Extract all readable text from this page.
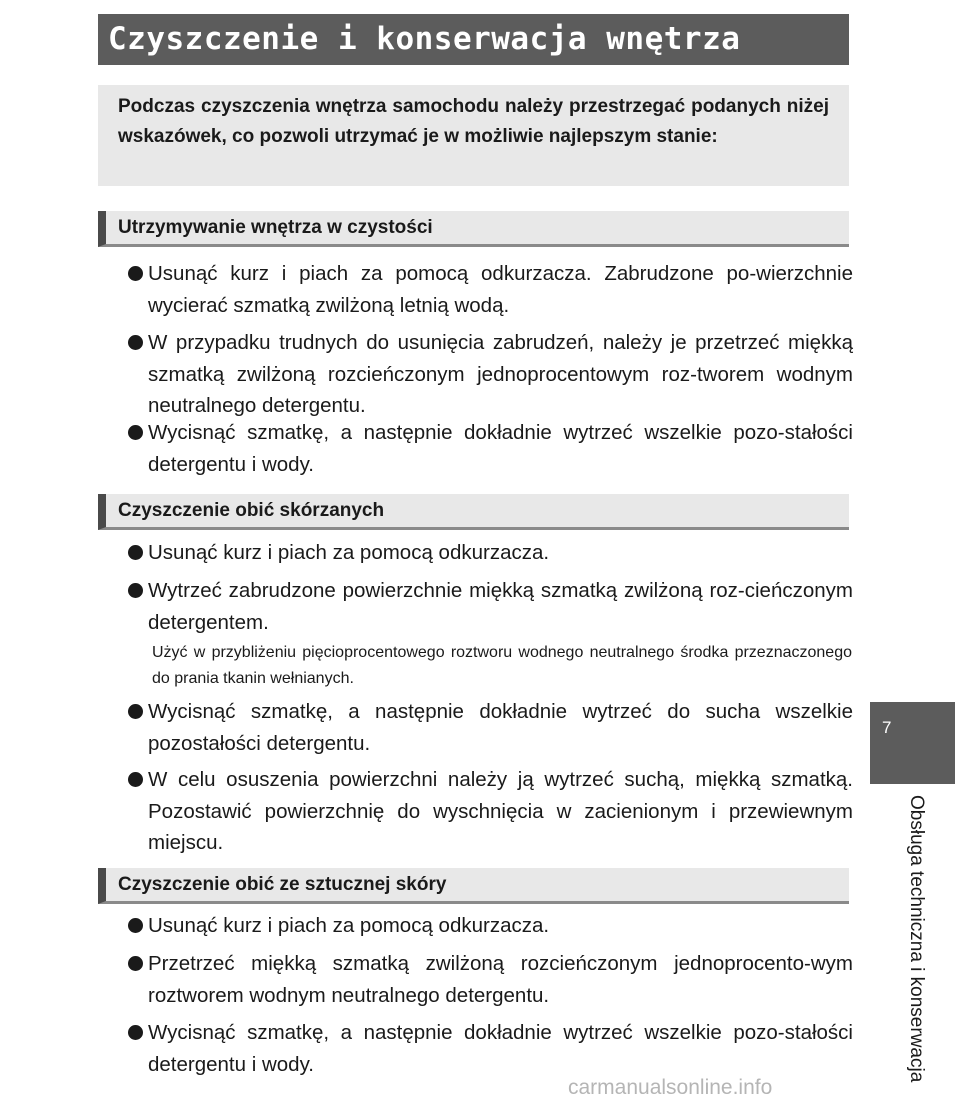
Czyszczenie i konserwacja wnętrza
Podczas czyszczenia wnętrza samochodu należy przestrzegać podanych niżej wskazówek, co pozwoli utrzymać je w możliwie najlepszym stanie:
Utrzymywanie wnętrza w czystości
Usunąć kurz i piach za pomocą odkurzacza. Zabrudzone po-wierzchnie wycierać szmatką zwilżoną letnią wodą.
W przypadku trudnych do usunięcia zabrudzeń, należy je przetrzeć miękką szmatką zwilżoną rozcieńczonym jednoprocentowym roz-tworem wodnym neutralnego detergentu.
Wycisnąć szmatkę, a następnie dokładnie wytrzeć wszelkie pozo-stałości detergentu i wody.
Czyszczenie obić skórzanych
Usunąć kurz i piach za pomocą odkurzacza.
Wytrzeć zabrudzone powierzchnie miękką szmatką zwilżoną roz-cieńczonym detergentem.
Użyć w przybliżeniu pięcioprocentowego roztworu wodnego neutralnego środka przeznaczonego do prania tkanin wełnianych.
Wycisnąć szmatkę, a następnie dokładnie wytrzeć do sucha wszelkie pozostałości detergentu.
W celu osuszenia powierzchni należy ją wytrzeć suchą, miękką szmatką. Pozostawić powierzchnię do wyschnięcia w zacienionym i przewiewnym miejscu.
Czyszczenie obić ze sztucznej skóry
Usunąć kurz i piach za pomocą odkurzacza.
Przetrzeć miękką szmatką zwilżoną rozcieńczonym jednoprocento-wym roztworem wodnym neutralnego detergentu.
Wycisnąć szmatkę, a następnie dokładnie wytrzeć wszelkie pozo-stałości detergentu i wody.
7
Obsługa techniczna i konserwacja
carmanualsonline.info
